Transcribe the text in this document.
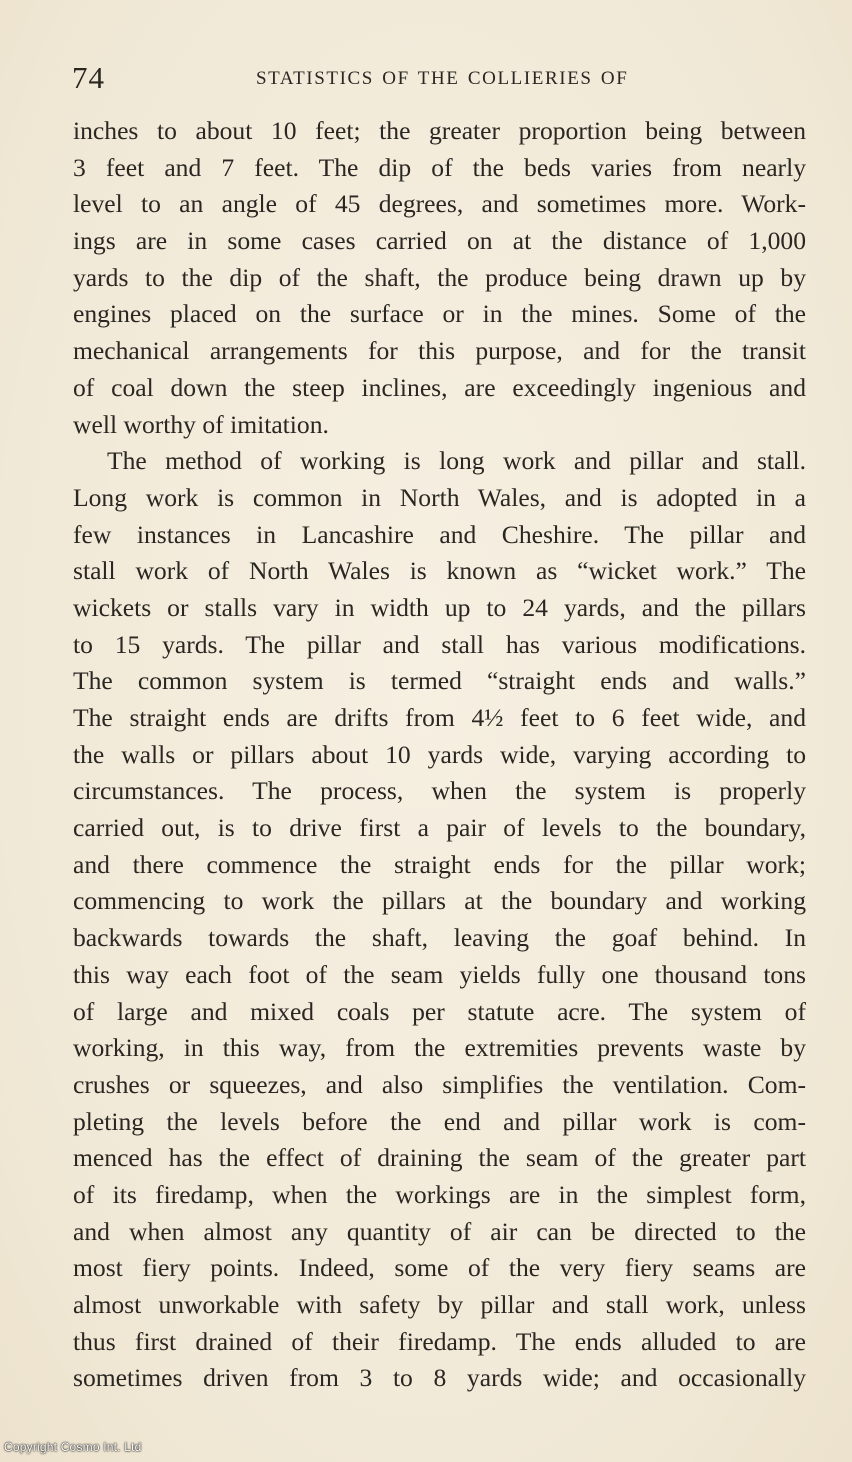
74	STATISTICS OF THE COLLIERIES OF
inches to about 10 feet; the greater proportion being between
3 feet and 7 feet. The dip of the beds varies from nearly
level to an angle of 45 degrees, and sometimes more. Work-
ings are in some cases carried on at the distance of 1,000
yards to the dip of the shaft, the produce being drawn up by
engines placed on the surface or in the mines. Some of the
mechanical arrangements for this purpose, and for the transit
of coal down the steep inclines, are exceedingly ingenious and
well worthy of imitation.
The method of working is long work and pillar and stall.
Long work is common in North Wales, and is adopted in a
few instances in Lancashire and Cheshire. The pillar and
stall work of North Wales is known as “wicket work.” The
wickets or stalls vary in width up to 24 yards, and the pillars
to 15 yards. The pillar and stall has various modifications.
The common system is termed “straight ends and walls.”
The straight ends are drifts from 4½ feet to 6 feet wide, and
the walls or pillars about 10 yards wide, varying according to
circumstances. The process, when the system is properly
carried out, is to drive first a pair of levels to the boundary,
and there commence the straight ends for the pillar work;
commencing to work the pillars at the boundary and working
backwards towards the shaft, leaving the goaf behind. In
this way each foot of the seam yields fully one thousand tons
of large and mixed coals per statute acre. The system of
working, in this way, from the extremities prevents waste by
crushes or squeezes, and also simplifies the ventilation. Com-
pleting the levels before the end and pillar work is com-
menced has the effect of draining the seam of the greater part
of its firedamp, when the workings are in the simplest form,
and when almost any quantity of air can be directed to the
most fiery points. Indeed, some of the very fiery seams are
almost unworkable with safety by pillar and stall work, unless
thus first drained of their firedamp. The ends alluded to are
sometimes driven from 3 to 8 yards wide; and occasionally
Copyright Cosmo Int. Ltd
